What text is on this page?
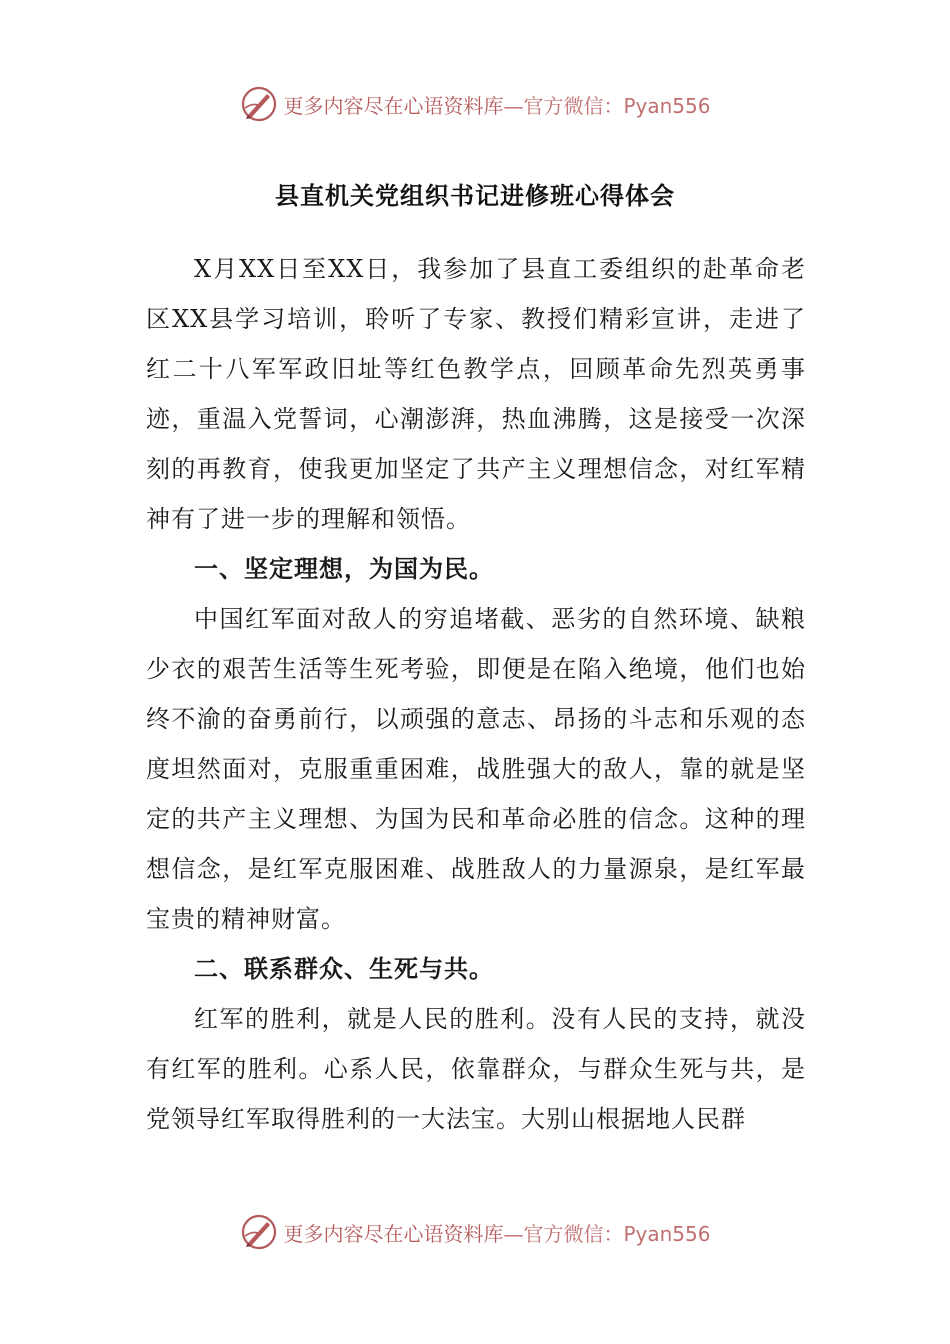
更多内容尽在心语资料库— 官方微信：Pyan556
县直机关党组织书记进修班心得体会

X月XX日至XX日，我参加了县直工委组织的赴革命老区XX县学习培训，聆听了专家、教授们精彩宣讲，走进了红二十八军军政旧址等红色教学点，回顾革命先烈英勇事迹，重温入党誓词，心潮澎湃，热血沸腾，这是接受一次深刻的再教育，使我更加坚定了共产主义理想信念，对红军精神有了进一步的理解和领悟。

一、坚定理想，为国为民。

中国红军面对敌人的穷追堵截、恶劣的自然环境、缺粮少衣的艰苦生活等生死考验，即便是在陷入绝境，他们也始终不渝的奋勇前行，以顽强的意志、昂扬的斗志和乐观的态度坦然面对，克服重重困难，战胜强大的敌人，靠的就是坚定的共产主义理想、为国为民和革命必胜的信念。这种的理想信念，是红军克服困难、战胜敌人的力量源泉，是红军最宝贵的精神财富。

二、联系群众、生死与共。

红军的胜利，就是人民的胜利。没有人民的支持，就没有红军的胜利。心系人民，依靠群众，与群众生死与共，是党领导红军取得胜利的一大法宝。大别山根据地人民群

更多内容尽在心语资料库— 官方微信：Pyan556
